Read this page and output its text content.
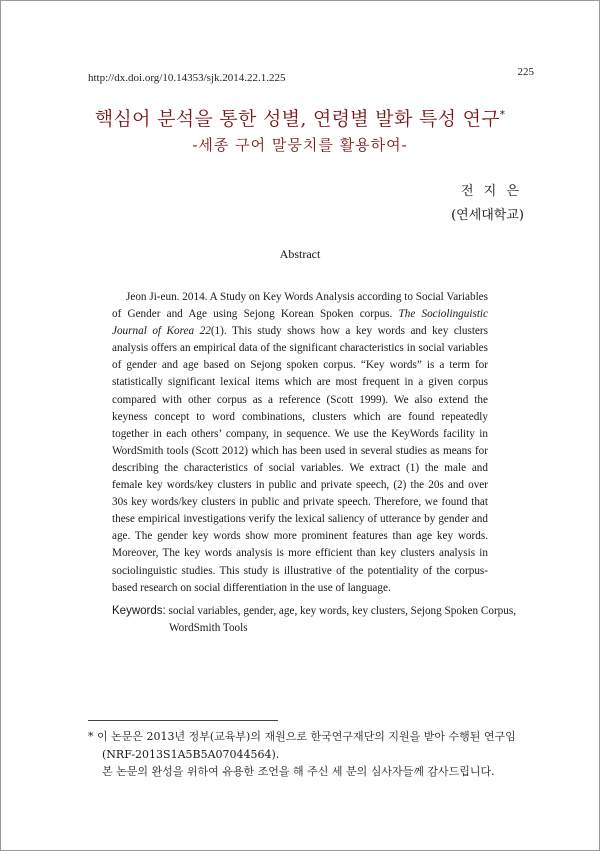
http://dx.doi.org/10.14353/sjk.2014.22.1.225	225
핵심어 분석을 통한 성별, 연령별 발화 특성 연구*
-세종 구어 말뭉치를 활용하여-
전 지 은
(연세대학교)
Abstract

Jeon Ji-eun. 2014. A Study on Key Words Analysis according to Social Variables of Gender and Age using Sejong Korean Spoken corpus. The Sociolinguistic Journal of Korea 22(1). This study shows how a key words and key clusters analysis offers an empirical data of the significant characteristics in social variables of gender and age based on Sejong spoken corpus. “Key words” is a term for statistically significant lexical items which are most frequent in a given corpus compared with other corpus as a reference (Scott 1999). We also extend the keyness concept to word combinations, clusters which are found repeatedly together in each others’ company, in sequence. We use the KeyWords facility in WordSmith tools (Scott 2012) which has been used in several studies as means for describing the characteristics of social variables. We extract (1) the male and female key words/key clusters in public and private speech, (2) the 20s and over 30s key words/key clusters in public and private speech. Therefore, we found that these empirical investigations verify the lexical saliency of utterance by gender and age. The gender key words show more prominent features than age key words. Moreover, The key words analysis is more efficient than key clusters analysis in sociolinguistic studies. This study is illustrative of the potentiality of the corpus-based research on social differentiation in the use of language.

Keywords: social variables, gender, age, key words, key clusters, Sejong Spoken Corpus, WordSmith Tools

* 이 논문은 2013년 정부(교육부)의 재원으로 한국연구재단의 지원을 받아 수행된 연구임 (NRF-2013S1A5B5A07044564).

본 논문의 완성을 위하여 유용한 조언을 해 주신 세 분의 심사자들께 감사드립니다.
